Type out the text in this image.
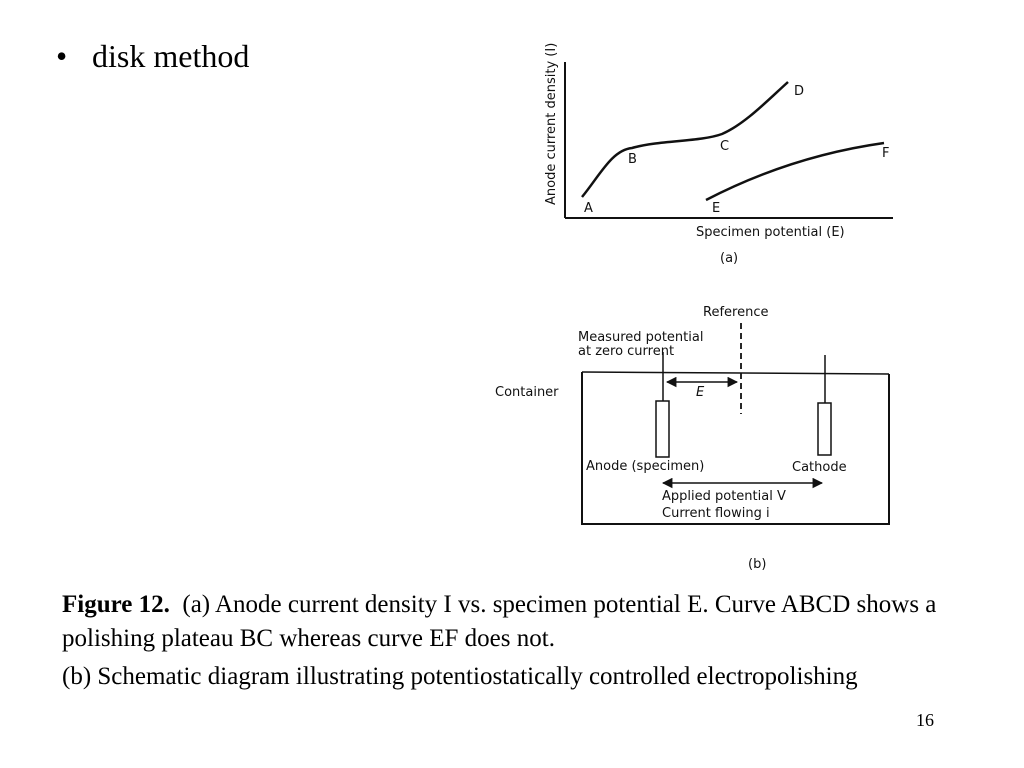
• disk method	Anode current density (I)
Specimen potential (E)
(a)
A
B
C
D
E
F
Reference
Measured potential
at zero current
Container	E
Anode (specimen)	Cathode
Applied potential V
Current flowing i
(b)

Figure 12. (a) Anode current density I vs. specimen potential E. Curve ABCD shows a polishing plateau BC whereas curve EF does not.

(b) Schematic diagram illustrating potentiostatically controlled electropolishing

16
